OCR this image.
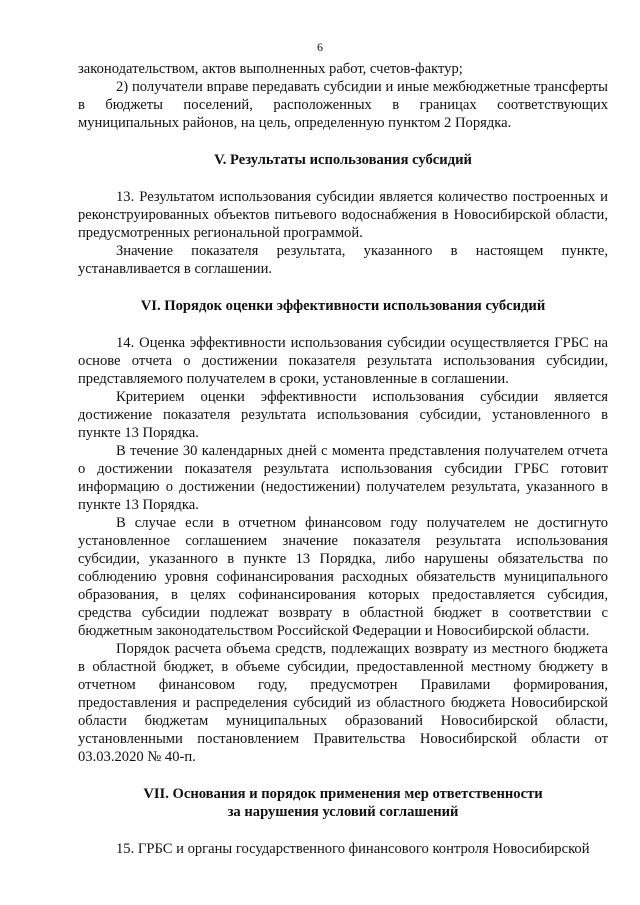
6

законодательством, актов выполненных работ, счетов-фактур;

2) получатели вправе передавать субсидии и иные межбюджетные трансферты в бюджеты поселений, расположенных в границах соответствующих муниципальных районов, на цель, определенную пунктом 2 Порядка.

V. Результаты использования субсидий

13. Результатом использования субсидии является количество построенных и реконструированных объектов питьевого водоснабжения в Новосибирской области, предусмотренных региональной программой.

Значение показателя результата, указанного в настоящем пункте, устанавливается в соглашении.

VI. Порядок оценки эффективности использования субсидий

14. Оценка эффективности использования субсидии осуществляется ГРБС на основе отчета о достижении показателя результата использования субсидии, представляемого получателем в сроки, установленные в соглашении.

Критерием оценки эффективности использования субсидии является достижение показателя результата использования субсидии, установленного в пункте 13 Порядка.

В течение 30 календарных дней с момента представления получателем отчета о достижении показателя результата использования субсидии ГРБС готовит информацию о достижении (недостижении) получателем результата, указанного в пункте 13 Порядка.

В случае если в отчетном финансовом году получателем не достигнуто установленное соглашением значение показателя результата использования субсидии, указанного в пункте 13 Порядка, либо нарушены обязательства по соблюдению уровня софинансирования расходных обязательств муниципального образования, в целях софинансирования которых предоставляется субсидия, средства субсидии подлежат возврату в областной бюджет в соответствии с бюджетным законодательством Российской Федерации и Новосибирской области.

Порядок расчета объема средств, подлежащих возврату из местного бюджета в областной бюджет, в объеме субсидии, предоставленной местному бюджету в отчетном финансовом году, предусмотрен Правилами формирования, предоставления и распределения субсидий из областного бюджета Новосибирской области бюджетам муниципальных образований Новосибирской области, установленными постановлением Правительства Новосибирской области от 03.03.2020 № 40-п.

VII. Основания и порядок применения мер ответственности
за нарушения условий соглашений

15. ГРБС и органы государственного финансового контроля Новосибирской
